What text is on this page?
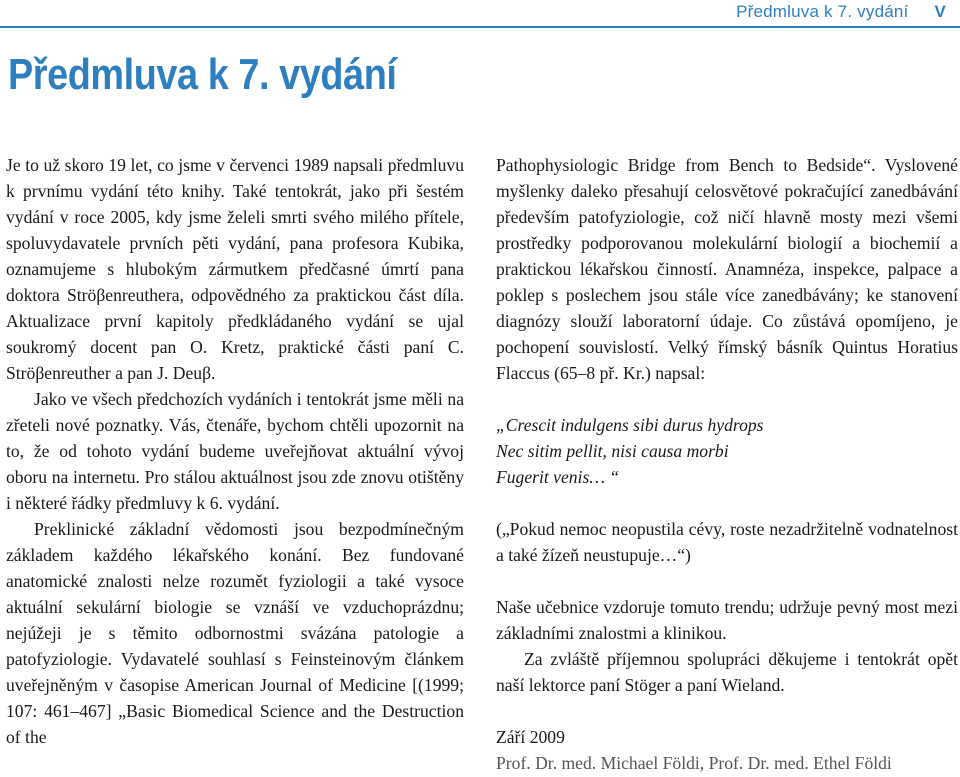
Předmluva k 7. vydání V
Předmluva k 7. vydání

Je to už skoro 19 let, co jsme v červenci 1989 napsali předmluvu k prvnímu vydání této knihy. Také tentokrát, jako při šestém vydání v roce 2005, kdy jsme želeli smrti svého milého přítele, spoluvydavatele prvních pěti vydání, pana profesora Kubika, oznamujeme s hlubokým zármutkem předčasné úmrtí pana doktora Ströβenreuthera, odpovědného za praktickou část díla. Aktualizace první kapitoly předkládaného vydání se ujal soukromý docent pan O. Kretz, praktické části paní C. Ströβenreuther a pan J. Deuβ.

Jako ve všech předchozích vydáních i tentokrát jsme měli na zřeteli nové poznatky. Vás, čtenáře, bychom chtěli upozornit na to, že od tohoto vydání budeme uveřejňovat aktuální vývoj oboru na internetu. Pro stálou aktuálnost jsou zde znovu otištěny i některé řádky předmluvy k 6. vydání.

Preklinické základní vědomosti jsou bezpodmínečným základem každého lékařského konání. Bez fundované anatomické znalosti nelze rozumět fyziologii a také vysoce aktuální sekulární biologie se vznáší ve vzduchoprázdnu; nejúžeji je s těmito odbornostmi svázána patologie a patofyziologie. Vydavatelé souhlasí s Feinsteinovým článkem uveřejněným v časopise American Journal of Medicine [(1999; 107: 461–467] „Basic Biomedical Science and the Destruction of the

Pathophysiologic Bridge from Bench to Bedside“. Vyslovené myšlenky daleko přesahují celosvětové pokračující zanedbávání především patofyziologie, což ničí hlavně mosty mezi všemi prostředky podporovanou molekulární biologií a biochemií a praktickou lékařskou činností. Anamnéza, inspekce, palpace a poklep s poslechem jsou stále více zanedbávány; ke stanovení diagnózy slouží laboratorní údaje. Co zůstává opomíjeno, je pochopení souvislostí. Velký římský básník Quintus Horatius Flaccus (65–8 př. Kr.) napsal:

„Crescit indulgens sibi durus hydrops
Nec sitim pellit, nisi causa morbi
Fugerit venis… “

(„Pokud nemoc neopustila cévy, roste nezadržitelně vodnatelnost a také žízeň neustupuje…“)

Naše učebnice vzdoruje tomuto trendu; udržuje pevný most mezi základními znalostmi a klinikou.

Za zvláště příjemnou spolupráci děkujeme i tentokrát opět naší lektorce paní Stöger a paní Wieland.

Září 2009
Prof. Dr. med. Michael Földi, Prof. Dr. med. Ethel Földi
